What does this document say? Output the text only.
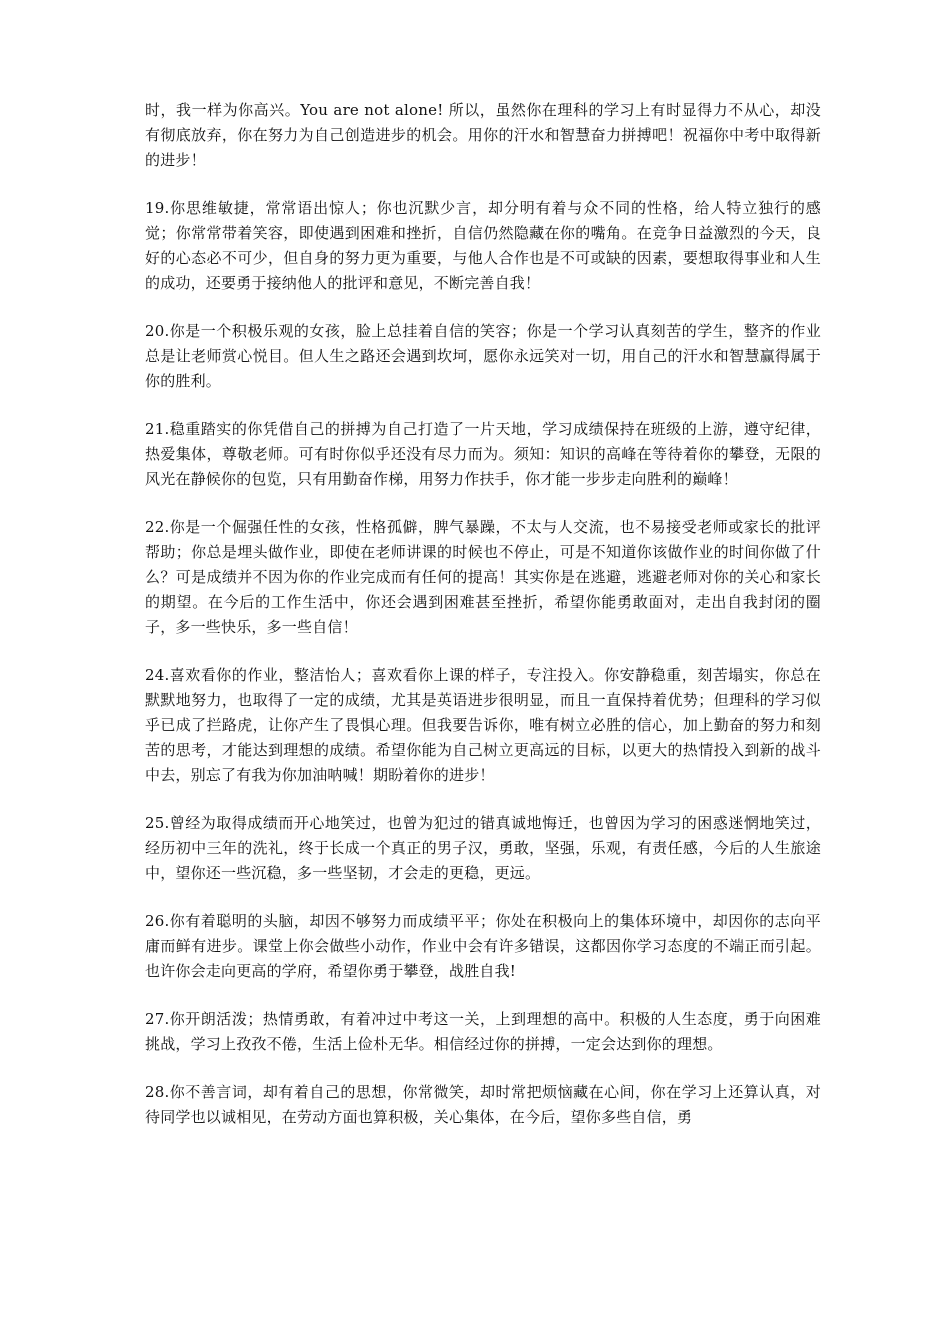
时，我一样为你高兴。You are not alone! 所以，虽然你在理科的学习上有时显得力不从心，却没有彻底放弃，你在努力为自己创造进步的机会。用你的汗水和智慧奋力拼搏吧！祝福你中考中取得新的进步！

19.你思维敏捷，常常语出惊人；你也沉默少言，却分明有着与众不同的性格，给人特立独行的感觉；你常常带着笑容，即使遇到困难和挫折，自信仍然隐藏在你的嘴角。在竞争日益激烈的今天，良好的心态必不可少，但自身的努力更为重要，与他人合作也是不可或缺的因素，要想取得事业和人生的成功，还要勇于接纳他人的批评和意见，不断完善自我！

20.你是一个积极乐观的女孩，脸上总挂着自信的笑容；你是一个学习认真刻苦的学生，整齐的作业总是让老师赏心悦目。但人生之路还会遇到坎坷，愿你永远笑对一切，用自己的汗水和智慧赢得属于你的胜利。

21.稳重踏实的你凭借自己的拼搏为自己打造了一片天地，学习成绩保持在班级的上游，遵守纪律，热爱集体，尊敬老师。可有时你似乎还没有尽力而为。须知：知识的高峰在等待着你的攀登，无限的风光在静候你的包览，只有用勤奋作梯，用努力作扶手，你才能一步步走向胜利的巅峰！

22.你是一个倔强任性的女孩，性格孤僻，脾气暴躁，不太与人交流，也不易接受老师或家长的批评帮助；你总是埋头做作业，即使在老师讲课的时候也不停止，可是不知道你该做作业的时间你做了什么？可是成绩并不因为你的作业完成而有任何的提高！其实你是在逃避，逃避老师对你的关心和家长的期望。在今后的工作生活中，你还会遇到困难甚至挫折，希望你能勇敢面对，走出自我封闭的圈子，多一些快乐，多一些自信！

24.喜欢看你的作业，整洁怡人；喜欢看你上课的样子，专注投入。你安静稳重，刻苦塌实，你总在默默地努力，也取得了一定的成绩，尤其是英语进步很明显，而且一直保持着优势；但理科的学习似乎已成了拦路虎，让你产生了畏惧心理。但我要告诉你，唯有树立必胜的信心，加上勤奋的努力和刻苦的思考，才能达到理想的成绩。希望你能为自己树立更高远的目标，以更大的热情投入到新的战斗中去，别忘了有我为你加油呐喊！期盼着你的进步！

25.曾经为取得成绩而开心地笑过，也曾为犯过的错真诚地悔迁，也曾因为学习的困惑迷惘地笑过，经历初中三年的洗礼，终于长成一个真正的男子汉，勇敢，坚强，乐观，有责任感，今后的人生旅途中，望你还一些沉稳，多一些坚韧，才会走的更稳，更远。

26.你有着聪明的头脑，却因不够努力而成绩平平；你处在积极向上的集体环境中，却因你的志向平庸而鲜有进步。课堂上你会做些小动作，作业中会有许多错误，这都因你学习态度的不端正而引起。也许你会走向更高的学府，希望你勇于攀登，战胜自我!

27.你开朗活泼；热情勇敢，有着冲过中考这一关，上到理想的高中。积极的人生态度，勇于向困难挑战，学习上孜孜不倦，生活上俭朴无华。相信经过你的拼搏，一定会达到你的理想。

28.你不善言词，却有着自己的思想，你常微笑，却时常把烦恼藏在心间，你在学习上还算认真，对待同学也以诚相见，在劳动方面也算积极，关心集体，在今后，望你多些自信，勇
